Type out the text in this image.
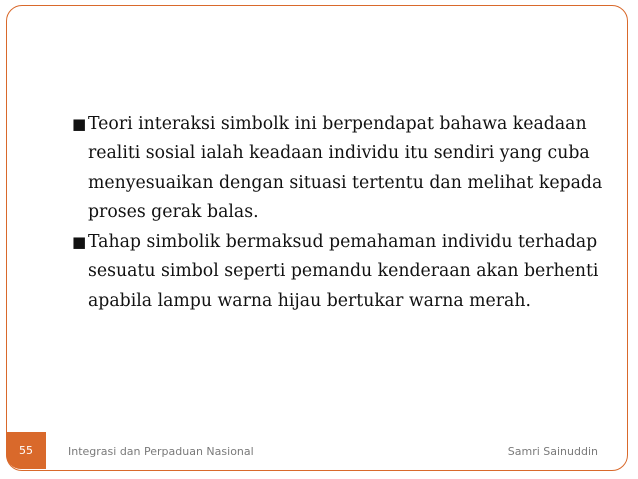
■ Teori interaksi simbolk ini berpendapat bahawa keadaan realiti sosial ialah keadaan individu itu sendiri yang cuba menyesuaikan dengan situasi tertentu dan melihat kepada proses gerak balas.
■ Tahap simbolik bermaksud pemahaman individu terhadap sesuatu simbol seperti pemandu kenderaan akan berhenti apabila lampu warna hijau bertukar warna merah.
55	Integrasi dan Perpaduan Nasional	Samri Sainuddin
